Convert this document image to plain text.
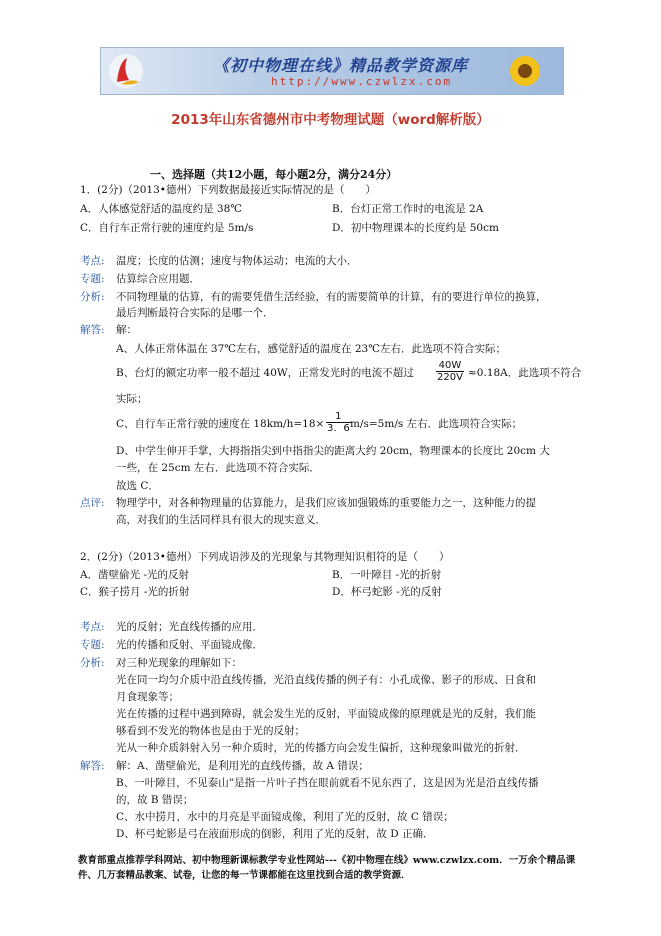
《初中物理在线》精品教学资源库
http://www.czwlzx.com
2013年山东省德州市中考物理试题（word解析版）
一、选择题（共12小题，每小题2分，满分24分）
1．(2分)（2013•德州）下列数据最接近实际情况的是（　　）
A．人体感觉舒适的温度约是 38℃	B．台灯正常工作时的电流是 2A
C．自行车正常行驶的速度约是 5m/s	D．初中物理课本的长度约是 50cm
考点: 温度；长度的估测；速度与物体运动；电流的大小．
专题: 估算综合应用题．
分析: 不同物理量的估算，有的需要凭借生活经验，有的需要简单的计算，有的要进行单位的换算，
最后判断最符合实际的是哪一个．
解答: 解：
A、人体正常体温在 37℃左右，感觉舒适的温度在 23℃左右．此选项不符合实际；
B、台灯的额定功率一般不超过 40W，正常发光时的电流不超过 $\frac{40W}{220V} \approx 0.18A$．此选项不符合
实际；
C、自行车正常行驶的速度在 $18km/h=18\times \frac{1}{3.6} m/s=5m/s$ 左右．此选项符合实际；
D、中学生伸开手掌，大拇指指尖到中指指尖的距离大约 20cm，物理课本的长度比 20cm 大
一些，在 25cm 左右．此选项不符合实际．
故选 C．
点评: 物理学中，对各种物理量的估算能力，是我们应该加强锻炼的重要能力之一，这种能力的提
高，对我们的生活同样具有很大的现实意义．
2．(2分)（2013•德州）下列成语涉及的光现象与其物理知识相符的是（　　）
A．凿壁偷光 -光的反射	B．一叶障目 -光的折射
C．猴子捞月 -光的折射	D．杯弓蛇影 -光的反射
考点: 光的反射；光直线传播的应用．
专题: 光的传播和反射、平面镜成像．
分析: 对三种光现象的理解如下：
光在同一均匀介质中沿直线传播，光沿直线传播的例子有：小孔成像、影子的形成、日食和
月食现象等；
光在传播的过程中遇到障碍，就会发生光的反射，平面镜成像的原理就是光的反射，我们能
够看到不发光的物体也是由于光的反射；
光从一种介质斜射入另一种介质时，光的传播方向会发生偏折，这种现象叫做光的折射．
解答: 解：A、凿壁偷光，是利用光的直线传播，故 A 错误；
B、一叶障目，不见泰山”是指一片叶子挡在眼前就看不见东西了，这是因为光是沿直线传播
的，故 B 错误；
C、水中捞月，水中的月亮是平面镜成像，利用了光的反射，故 C 错误；
D、杯弓蛇影是弓在液面形成的倒影，利用了光的反射，故 D 正确．
教育部重点推荐学科网站、初中物理新课标教学专业性网站---《初中物理在线》www.czwlzx.com．一万余个精品课
件、几万套精品教案、试卷，让您的每一节课都能在这里找到合适的教学资源．
